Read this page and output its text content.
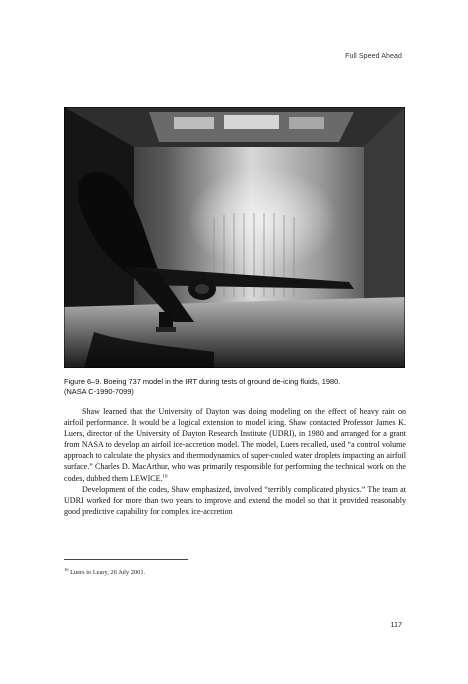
Full Speed Ahead
Figure 6–9. Boeing 737 model in the IRT during tests of ground de-icing fluids, 1980.
(NASA C-1990-7099)

Shaw learned that the University of Dayton was doing modeling on the effect of heavy rain on airfoil performance. It would be a logical extension to model icing. Shaw contacted Professor James K. Luers, director of the University of Dayton Research Institute (UDRI), in 1980 and arranged for a grant from NASA to develop an airfoil ice-accretion model. The model, Luers recalled, used “a control volume approach to calculate the physics and thermodynamics of super-cooled water droplets impacting an airfoil surface.” Charles D. MacArthur, who was primarily responsible for performing the technical work on the codes, dubbed them LEWICE.$^{16}$

Development of the codes, Shaw emphasized, involved “terribly complicated physics.” The team at UDRI worked for more than two years to improve and extend the model so that it provided reasonably good predictive capability for complex ice-accretion

$^{16}$ Luers to Leary, 26 July 2001.
117
